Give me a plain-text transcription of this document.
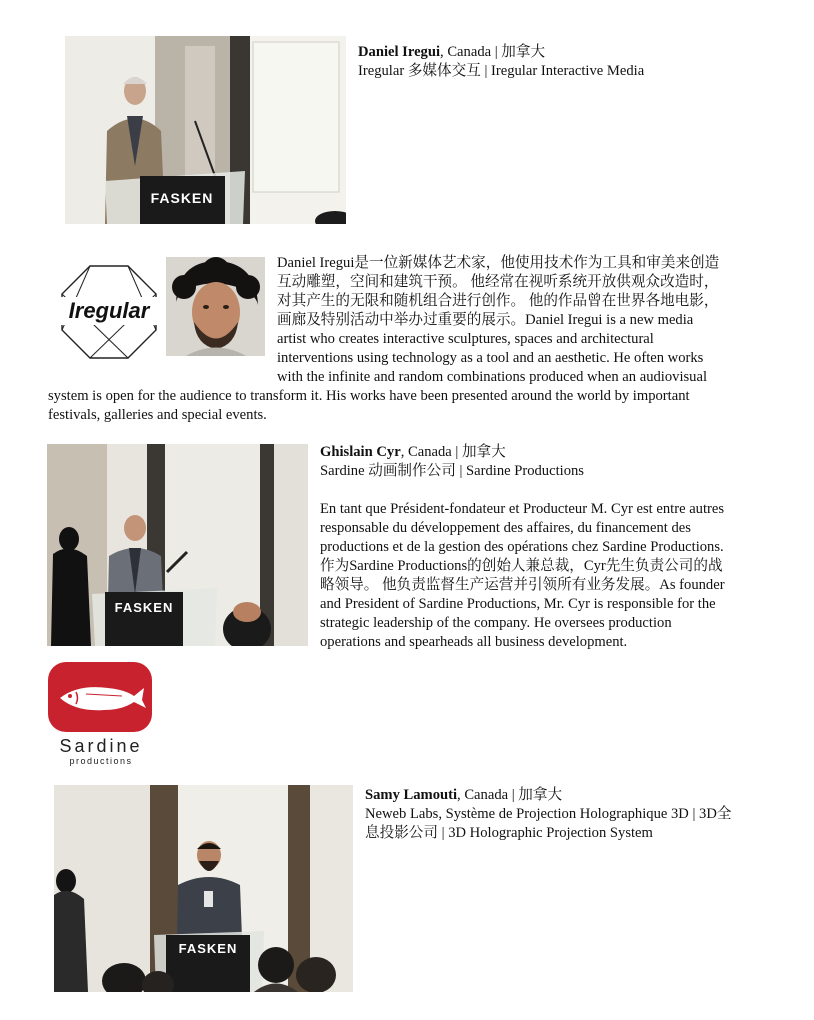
FASKEN

Daniel Iregui, Canada | 加拿大

Iregular 多媒体交互 | Iregular Interactive Media

Iregular

Daniel Iregui是一位新媒体艺术家，他使用技术作为工具和审美来创造

互动雕塑，空间和建筑干预。 他经常在视听系统开放供观众改造时，

对其产生的无限和随机组合进行创作。 他的作品曾在世界各地电影，

画廊及特别活动中举办过重要的展示。Daniel Iregui is a new media

artist who creates interactive sculptures, spaces and architectural

interventions using technology as a tool and an aesthetic. He often works

with the infinite and random combinations produced when an audiovisual

system is open for the audience to transform it. His works have been presented around the world by important

festivals, galleries and special events.

FASKEN

Ghislain Cyr, Canada | 加拿大

Sardine 动画制作公司 | Sardine Productions

En tant que Président-fondateur et Producteur M. Cyr est entre autres

responsable du développement des affaires, du financement des

productions et de la gestion des opérations chez Sardine Productions.

作为Sardine Productions的创始人兼总裁，Cyr先生负责公司的战

略领导。 他负责监督生产运营并引领所有业务发展。As founder

and President of Sardine Productions, Mr. Cyr is responsible for the

strategic leadership of the company. He oversees production

operations and spearheads all business development.

Sardine
productions
FASKEN

Samy Lamouti, Canada | 加拿大

Neweb Labs, Système de Projection Holographique 3D | 3D全

息投影公司 | 3D Holographic Projection System
